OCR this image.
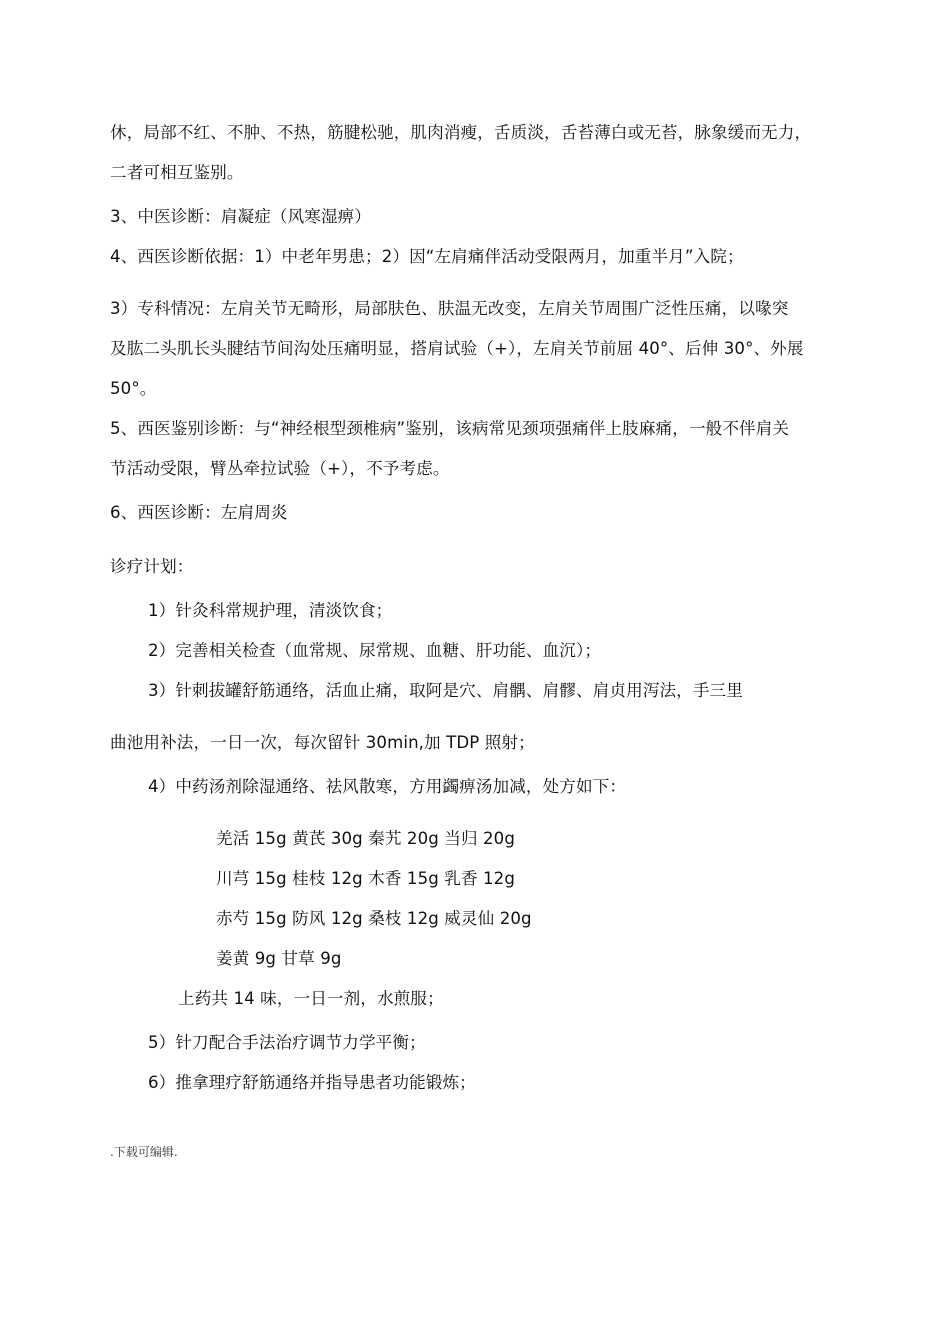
休，局部不红、不肿、不热，筋腱松驰，肌肉消瘦，舌质淡，舌苔薄白或无苔，脉象缓而无力，
二者可相互鉴别。
3、中医诊断：肩凝症（风寒湿痹）
4、西医诊断依据：1）中老年男患；2）因“左肩痛伴活动受限两月，加重半月”入院；
3）专科情况：左肩关节无畸形，局部肤色、肤温无改变，左肩关节周围广泛性压痛，以喙突
及肱二头肌长头腱结节间沟处压痛明显，搭肩试验（+），左肩关节前屈 40°、后伸 30°、外展
50°。
5、西医鉴别诊断：与“神经根型颈椎病”鉴别，该病常见颈项强痛伴上肢麻痛，一般不伴肩关
节活动受限，臂丛牵拉试验（+），不予考虑。
6、西医诊断：左肩周炎
诊疗计划：
1）针灸科常规护理，清淡饮食；
2）完善相关检查（血常规、尿常规、血糖、肝功能、血沉）；
3）针刺拔罐舒筋通络，活血止痛，取阿是穴、肩髃、肩髎、肩贞用泻法，手三里
曲池用补法，一日一次，每次留针 30min,加 TDP 照射；
4）中药汤剂除湿通络、祛风散寒，方用蠲痹汤加减，处方如下：
羌活 15g 黄芪 30g 秦艽 20g 当归 20g
川芎 15g 桂枝 12g 木香 15g 乳香 12g
赤芍 15g 防风 12g 桑枝 12g 威灵仙 20g
姜黄 9g 甘草 9g
上药共 14 味，一日一剂，水煎服；
5）针刀配合手法治疗调节力学平衡；
6）推拿理疗舒筋通络并指导患者功能锻炼；
.下载可编辑.
